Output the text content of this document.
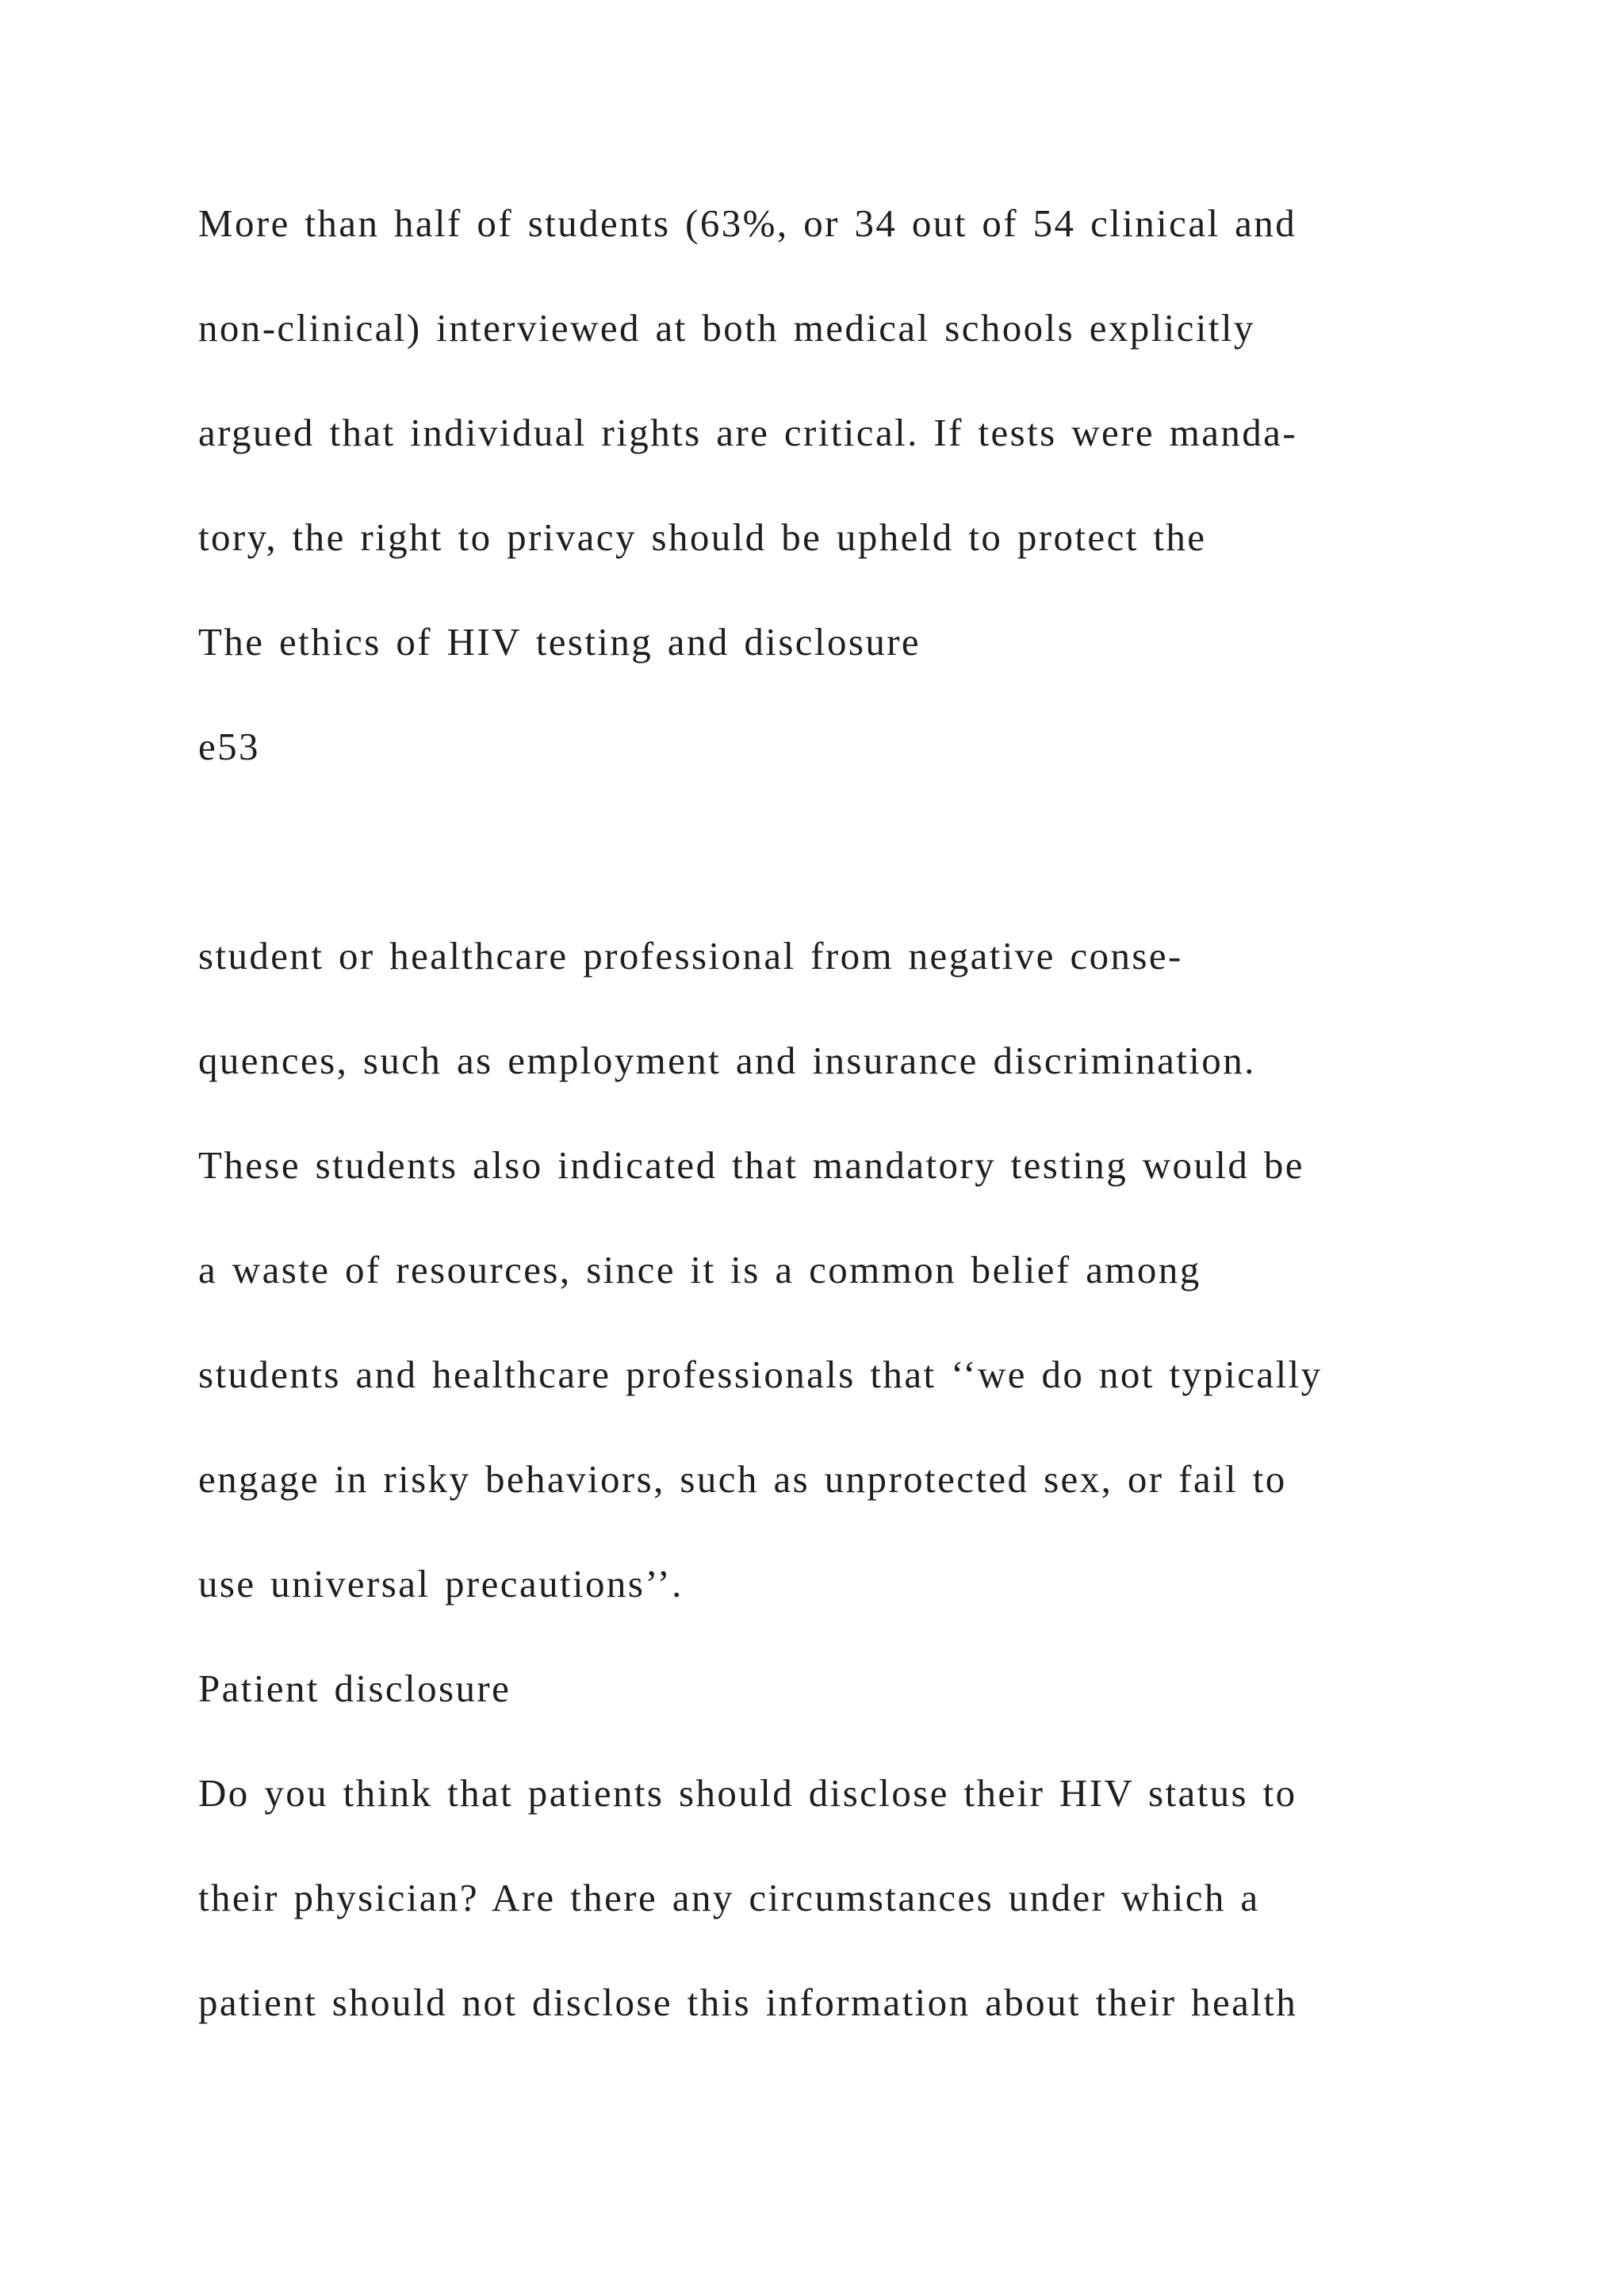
More than half of students (63%, or 34 out of 54 clinical and

non-clinical) interviewed at both medical schools explicitly

argued that individual rights are critical. If tests were manda-

tory, the right to privacy should be upheld to protect the

The ethics of HIV testing and disclosure

e53

student or healthcare professional from negative conse-

quences, such as employment and insurance discrimination.

These students also indicated that mandatory testing would be

a waste of resources, since it is a common belief among

students and healthcare professionals that ‘‘we do not typically

engage in risky behaviors, such as unprotected sex, or fail to

use universal precautions’’.

Patient disclosure

Do you think that patients should disclose their HIV status to

their physician? Are there any circumstances under which a

patient should not disclose this information about their health
